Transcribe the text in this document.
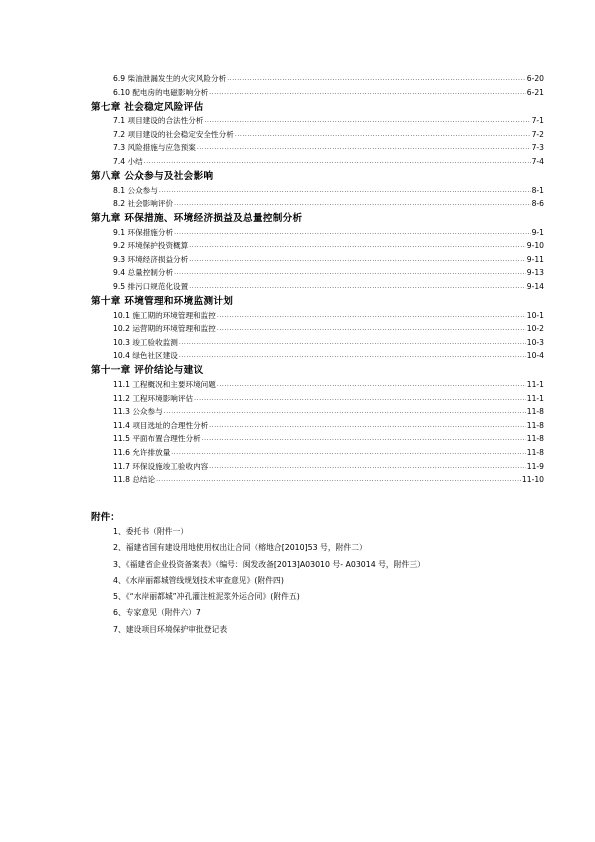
6.9 柴油泄漏发生的火灾风险分析 .....	6-20
6.10 配电房的电磁影响分析 .....	6-21
第七章 社会稳定风险评估
7.1 项目建设的合法性分析 .....	7-1
7.2 项目建设的社会稳定安全性分析 .....	7-2
7.3 风险措施与应急预案 .....	7-3
7.4 小结 .....	7-4
第八章 公众参与及社会影响
8.1 公众参与 .....	8-1
8.2 社会影响评价 .....	8-6
第九章 环保措施、环境经济损益及总量控制分析
9.1 环保措施分析 .....	9-1
9.2 环境保护投资概算 .....	9-10
9.3 环境经济损益分析 .....	9-11
9.4 总量控制分析 .....	9-13
9.5 排污口规范化设置 .....	9-14
第十章 环境管理和环境监测计划
10.1 施工期的环境管理和监控 .....	10-1
10.2 运营期的环境管理和监控 .....	10-2
10.3 竣工验收监测 .....	10-3
10.4 绿色社区建设 .....	10-4
第十一章 评价结论与建议
11.1 工程概况和主要环境问题 .....	11-1
11.2 工程环境影响评估 .....	11-1
11.3 公众参与 .....	11-8
11.4 项目选址的合理性分析 .....	11-8
11.5 平面布置合理性分析 .....	11-8
11.6 允许排放量 .....	11-8
11.7 环保设施竣工验收内容 .....	11-9
11.8 总结论 .....	11-10
附件：
1、委托书（附件一）
2、福建省国有建设用地使用权出让合同（榕地合[2010]53 号，附件二）
3、《福建省企业投资备案表》（编号：闽发改备[2013]A03010 号- A03014 号，附件三）
4、《水岸丽都城管线规划技术审查意见》(附件四)
5、《“水岸丽都城”冲孔灌注桩泥浆外运合同》(附件五)
6、专家意见（附件六）7
7、建设项目环境保护审批登记表
